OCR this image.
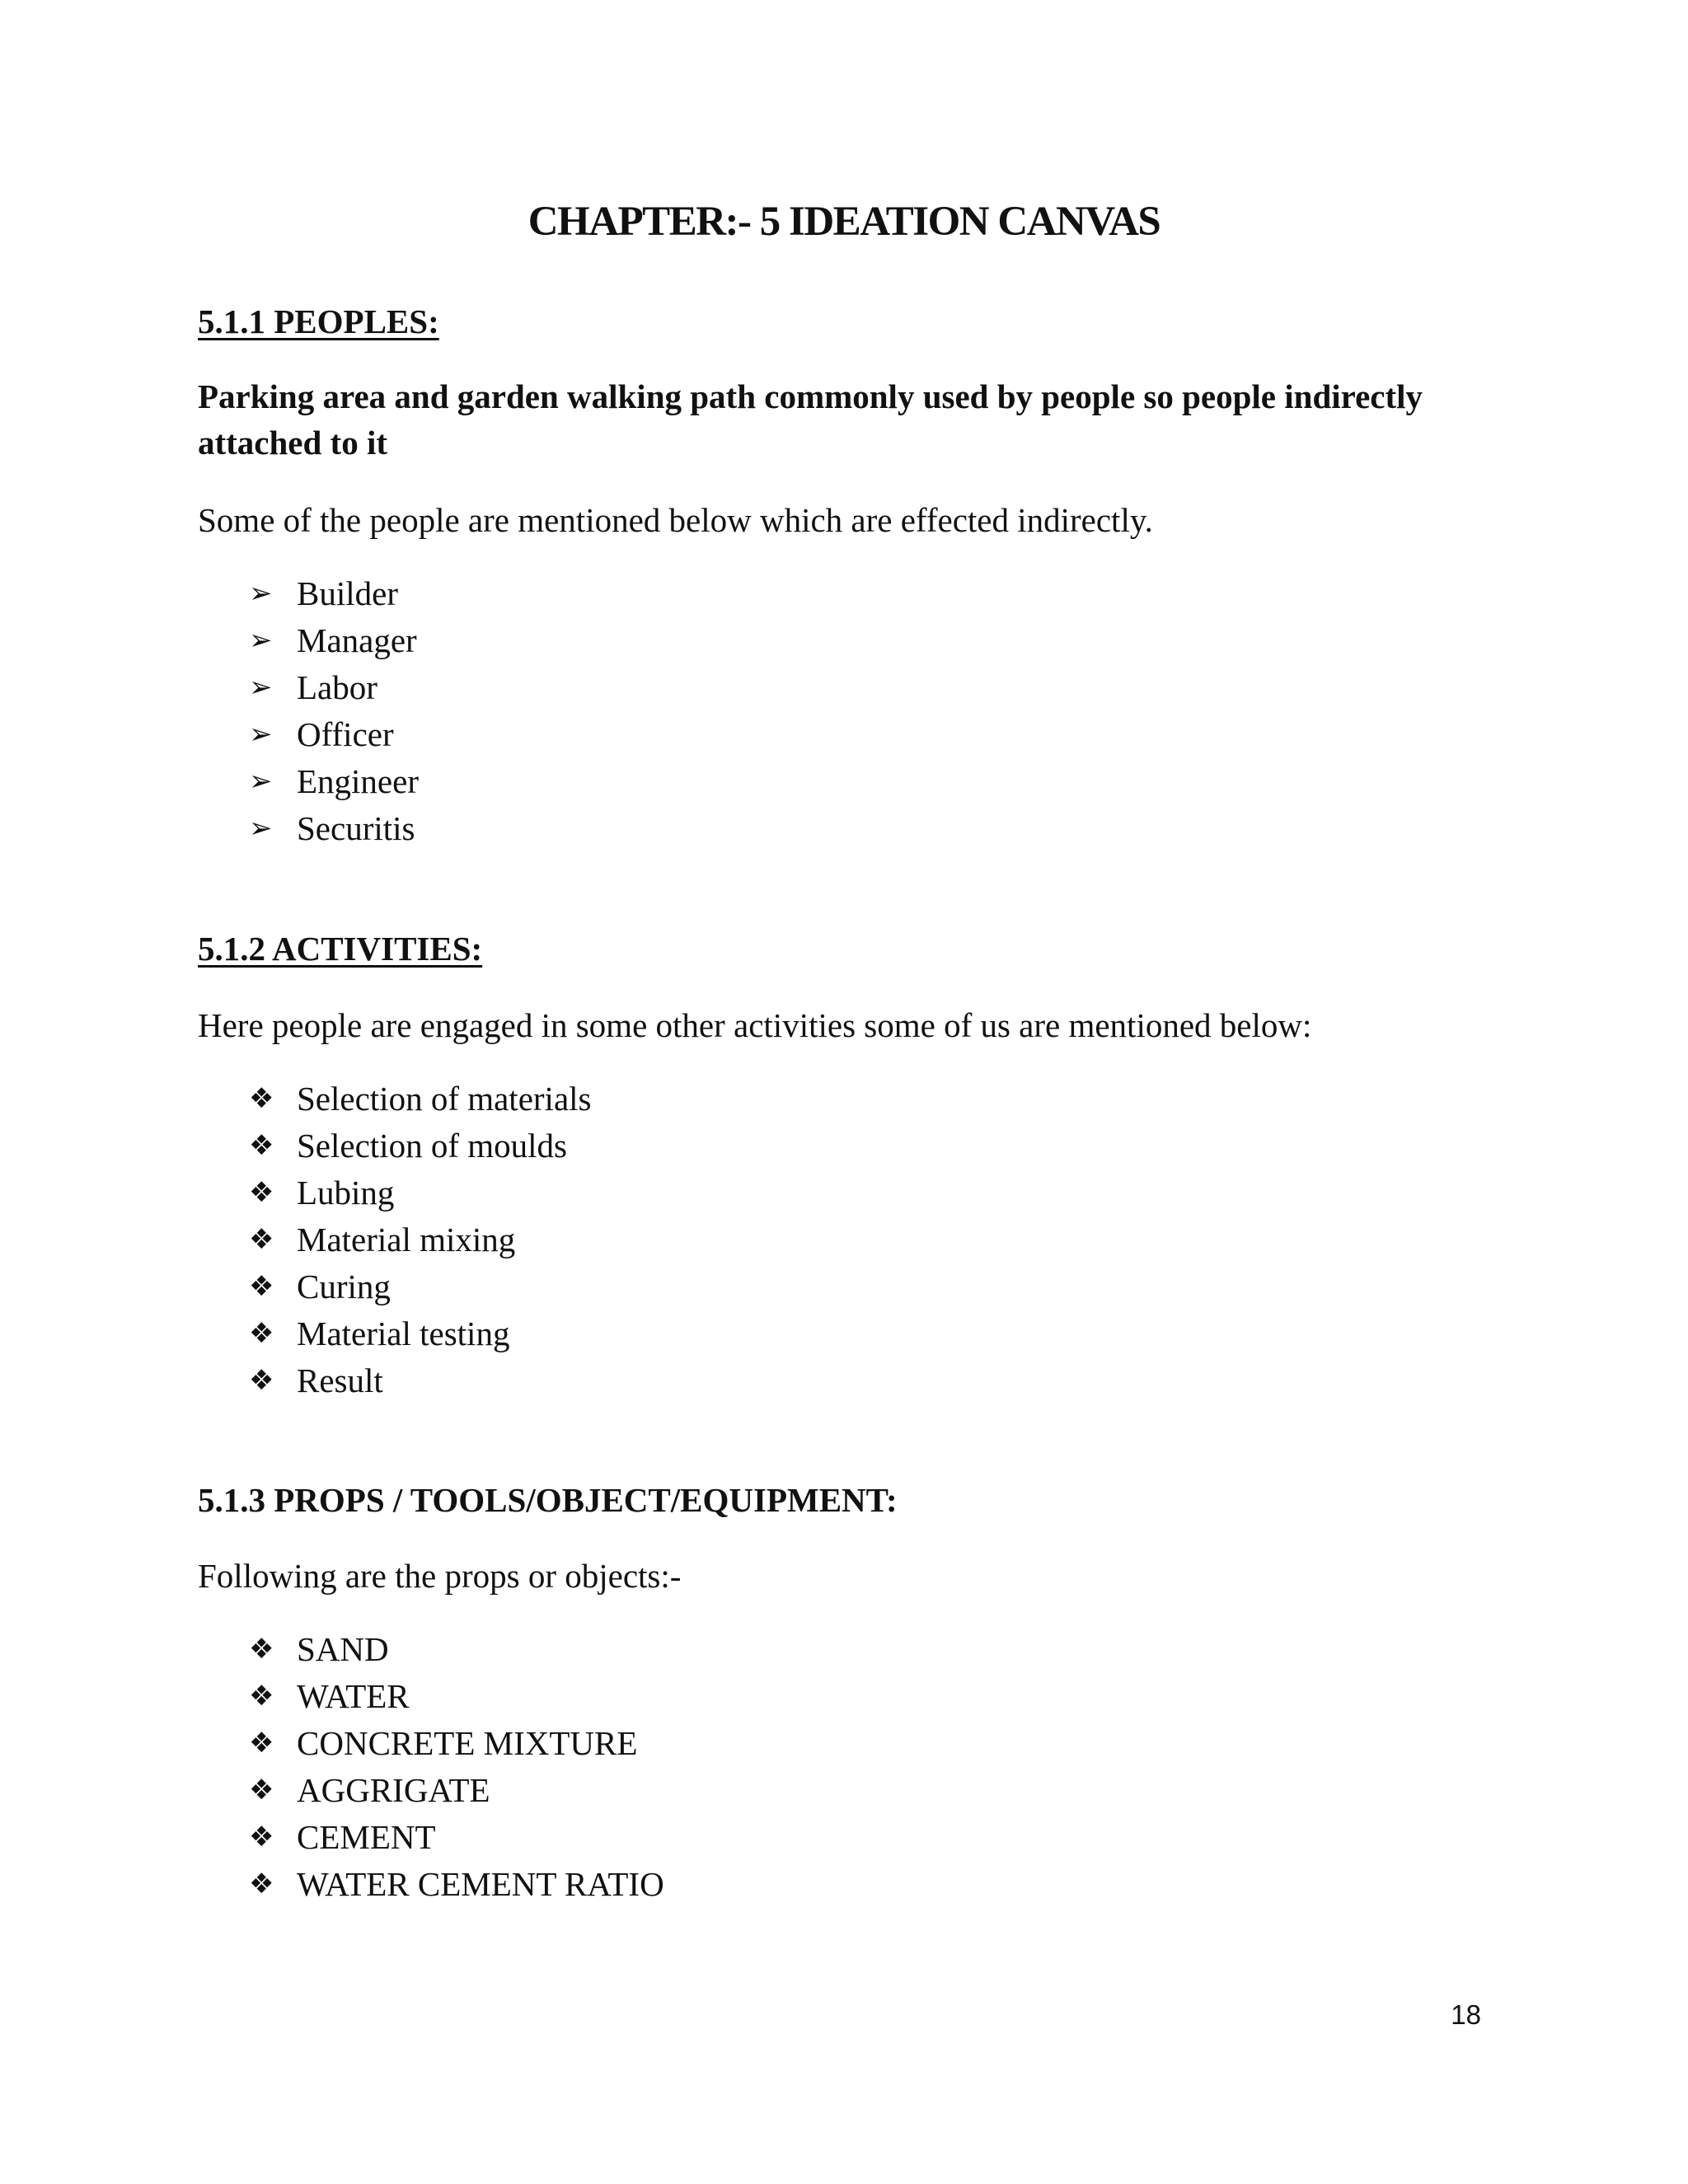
CHAPTER:- 5 IDEATION CANVAS
5.1.1 PEOPLES:

Parking area and garden walking path commonly used by people so people indirectly attached to it

Some of the people are mentioned below which are effected indirectly.

➢ Builder
➢ Manager
➢ Labor
➢ Officer
➢ Engineer
➢ Securitis
5.1.2 ACTIVITIES:

Here people are engaged in some other activities some of us are mentioned below:

❖ Selection of materials
❖ Selection of moulds
❖ Lubing
❖ Material mixing
❖ Curing
❖ Material testing
❖ Result
5.1.3 PROPS / TOOLS/OBJECT/EQUIPMENT:

Following are the props or objects:-

❖ SAND
❖ WATER
❖ CONCRETE MIXTURE
❖ AGGRIGATE
❖ CEMENT
❖ WATER CEMENT RATIO
18
